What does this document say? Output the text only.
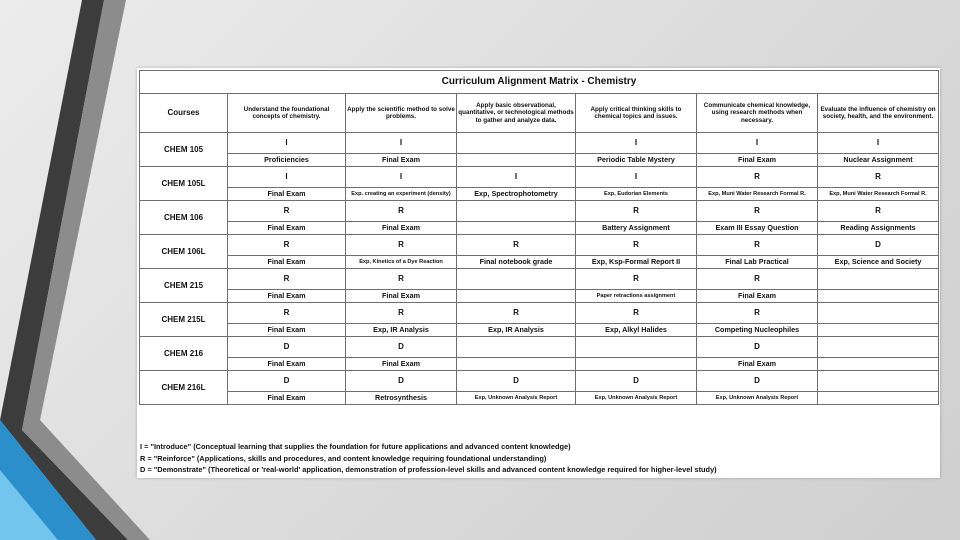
Curriculum Alignment Matrix - Chemistry						
Courses	Understand the foundational concepts of chemistry.	Apply the scientific method to solve problems.	Apply basic observational, quantitative, or technological methods to gather and analyze data.	Apply critical thinking skills to chemical topics and issues.	Communicate chemical knowledge, using research methods when necessary.	Evaluate the influence of chemistry on society, health, and the environment.
CHEM 105	I	I		I	I	I
	Proficiencies	Final Exam		Periodic Table Mystery	Final Exam	Nuclear Assignment
CHEM 105L	I	I	I	I	R	R
	Final Exam	Exp. creating an experiment (density)	Exp, Spectrophotometry	Exp, Eudorian Elements	Exp, Muni Water Research Formal R.	Exp, Muni Water Research Formal R.
CHEM 106	R	R		R	R	R
	Final Exam	Final Exam		Battery Assignment	Exam III Essay Question	Reading Assignments
CHEM 106L	R	R	R	R	R	D
	Final Exam	Exp, Kinetics of a Dye Reaction	Final notebook grade	Exp, Ksp-Formal Report II	Final Lab Practical	Exp, Science and Society
CHEM 215	R	R		R	R	
	Final Exam	Final Exam		Paper retractions assignment	Final Exam	
CHEM 215L	R	R	R	R	R	
	Final Exam	Exp, IR Analysis	Exp, IR Analysis	Exp, Alkyl Halides	Competing Nucleophiles	
CHEM 216	D	D			D	
	Final Exam	Final Exam			Final Exam	
CHEM 216L	D	D	D	D	D	
	Final Exam	Retrosynthesis	Exp, Unknown Analysis Report	Exp, Unknown Analysis Report	Exp, Unknown Analysis Report	
I = "Introduce" (Conceptual learning that supplies the foundation for future applications and advanced content knowledge)
R = "Reinforce" (Applications, skills and procedures, and content knowledge requiring foundational understanding)
D = "Demonstrate" (Theoretical or 'real-world' application, demonstration of profession-level skills and advanced content knowledge required for higher-level study)
